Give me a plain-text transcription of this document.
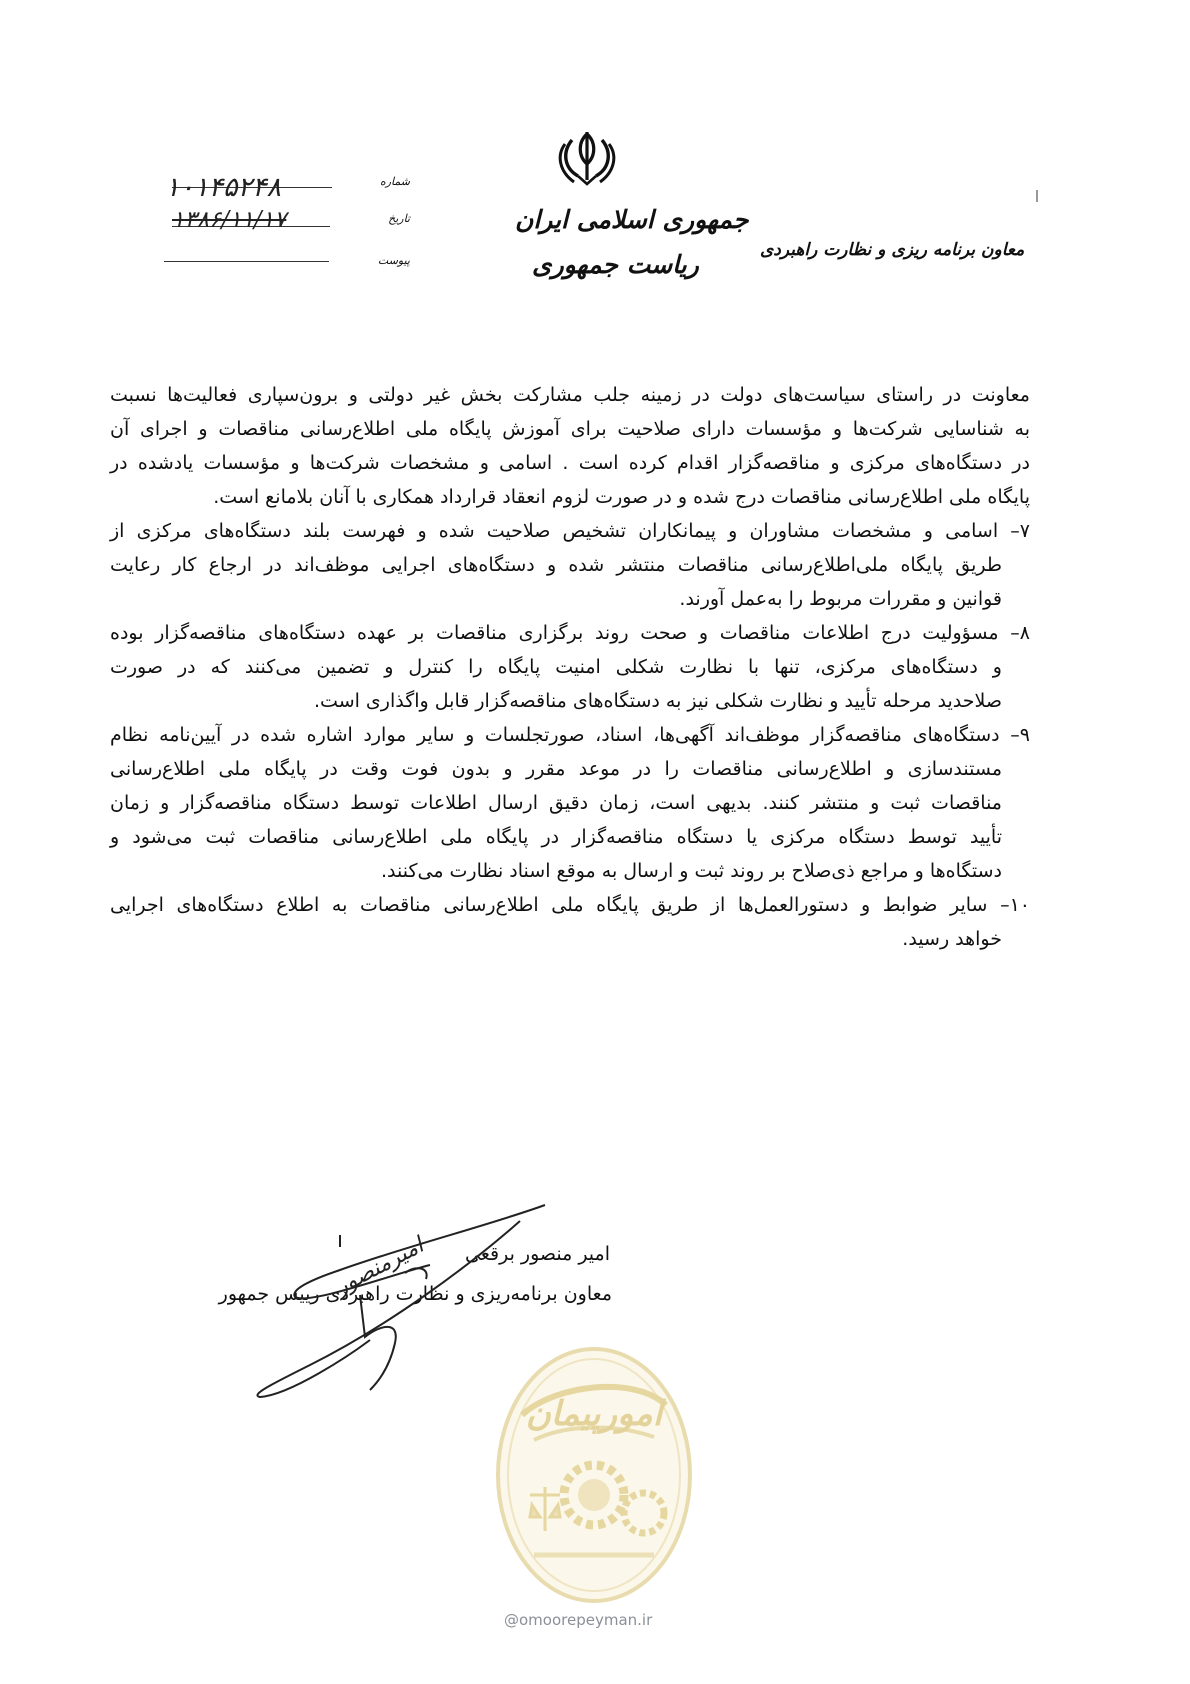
جمهوری اسلامی ایران
ریاست جمهوری	معاون برنامه ریزی و نظارت راهبردی
شماره
تاریخ
پیوست
۱۰۱۴۵۲۴۸
۱۳۸۶/۱۱/۱۷
معاونت در راستای سیاست‌های دولت در زمینه جلب مشارکت بخش غیر دولتی و برون‌سپاری فعالیت‌ها نسبت
به شناسایی شرکت‌ها و مؤسسات دارای صلاحیت برای آموزش پایگاه ملی اطلاع‌رسانی مناقصات و اجرای آن
در دستگاه‌های مرکزی و مناقصه‌گزار اقدام کرده است . اسامی و مشخصات شرکت‌ها و مؤسسات یادشده در
پایگاه ملی اطلاع‌رسانی مناقصات درج شده و در صورت لزوم انعقاد قرارداد همکاری با آنان بلامانع است.
۷– اسامی و مشخصات مشاوران و پیمانکاران تشخیص صلاحیت شده و فهرست بلند دستگاه‌های مرکزی از
طریق پایگاه ملی‌اطلاع‌رسانی مناقصات منتشر شده و دستگاه‌های اجرایی موظف‌اند در ارجاع کار رعایت
قوانین و مقررات مربوط را به‌عمل آورند.
۸– مسؤولیت درج اطلاعات مناقصات و صحت روند برگزاری مناقصات بر عهده دستگاه‌های مناقصه‌گزار بوده
و دستگاه‌های مرکزی، تنها با نظارت شکلی امنیت پایگاه را کنترل و تضمین می‌کنند که در صورت
صلاحدید مرحله تأیید و نظارت شکلی نیز به دستگاه‌های مناقصه‌گزار قابل واگذاری است.
۹– دستگاه‌های مناقصه‌گزار موظف‌اند آگهی‌ها، اسناد، صورتجلسات و سایر موارد اشاره شده در آیین‌نامه نظام
مستندسازی و اطلاع‌رسانی مناقصات را در موعد مقرر و بدون فوت وقت در پایگاه ملی اطلاع‌رسانی
مناقصات ثبت و منتشر کنند. بدیهی است، زمان دقیق ارسال اطلاعات توسط دستگاه مناقصه‌گزار و زمان
تأیید توسط دستگاه مرکزی یا دستگاه مناقصه‌گزار در پایگاه ملی اطلاع‌رسانی مناقصات ثبت می‌شود و
دستگاه‌ها و مراجع ذی‌صلاح بر روند ثبت و ارسال به موقع اسناد نظارت می‌کنند.
۱۰– سایر ضوابط و دستورالعمل‌ها از طریق پایگاه ملی اطلاع‌رسانی مناقصات به اطلاع دستگاه‌های اجرایی
خواهد رسید.
امورپیمان
@omoorepeyman.ir
امیر منصور برقعی
معاون برنامه‌ریزی و نظارت راهبردی رییس جمهور
امیرمنصور
